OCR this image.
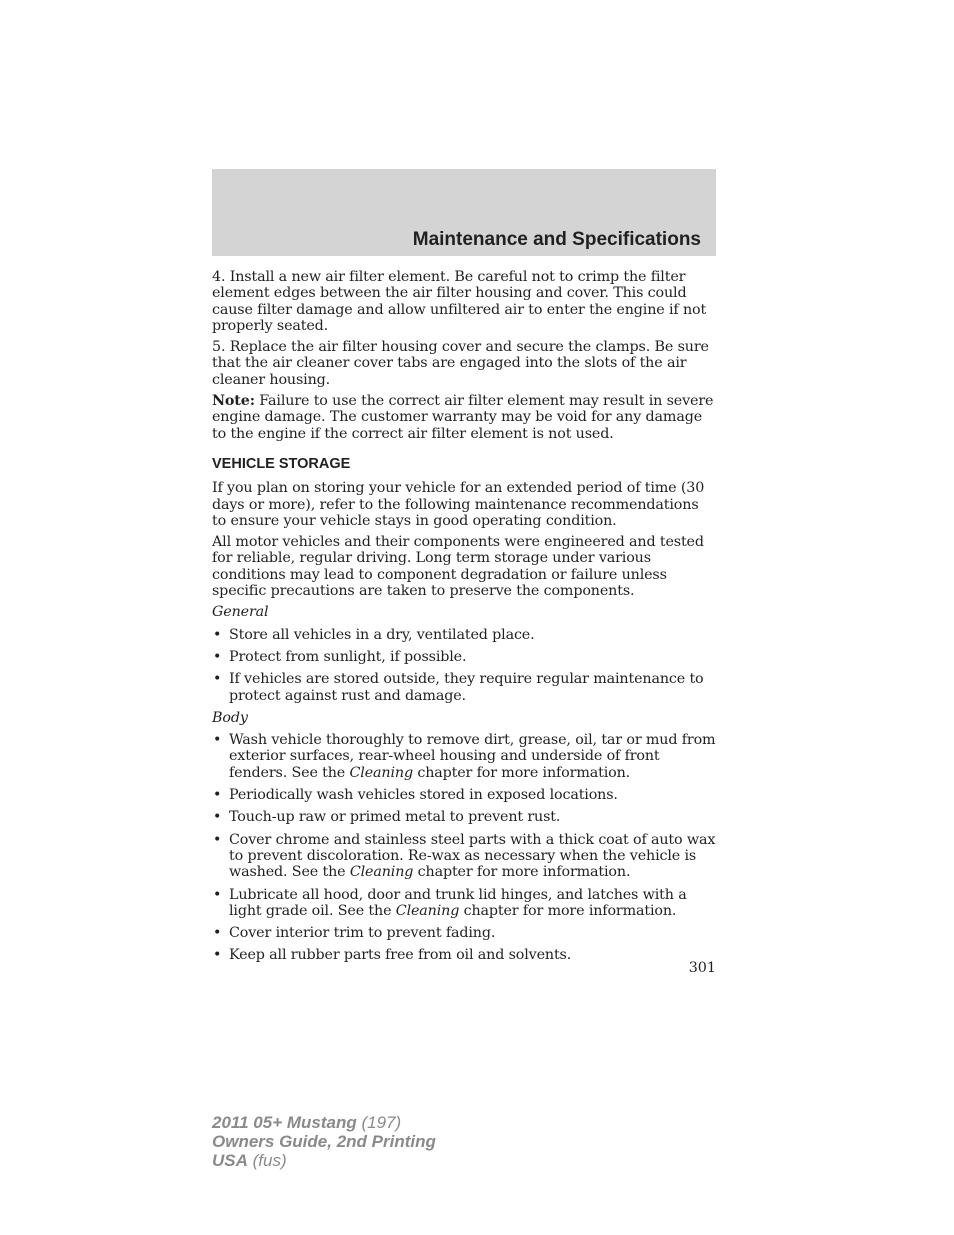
Maintenance and Specifications

4. Install a new air filter element. Be careful not to crimp the filter element edges between the air filter housing and cover. This could cause filter damage and allow unfiltered air to enter the engine if not properly seated.

5. Replace the air filter housing cover and secure the clamps. Be sure that the air cleaner cover tabs are engaged into the slots of the air cleaner housing.

Note: Failure to use the correct air filter element may result in severe engine damage. The customer warranty may be void for any damage to the engine if the correct air filter element is not used.

VEHICLE STORAGE

If you plan on storing your vehicle for an extended period of time (30 days or more), refer to the following maintenance recommendations to ensure your vehicle stays in good operating condition.

All motor vehicles and their components were engineered and tested for reliable, regular driving. Long term storage under various conditions may lead to component degradation or failure unless specific precautions are taken to preserve the components.

General
• Store all vehicles in a dry, ventilated place.
• Protect from sunlight, if possible.
• If vehicles are stored outside, they require regular maintenance to protect against rust and damage.
Body
• Wash vehicle thoroughly to remove dirt, grease, oil, tar or mud from exterior surfaces, rear-wheel housing and underside of front fenders. See the Cleaning chapter for more information.
• Periodically wash vehicles stored in exposed locations.
• Touch-up raw or primed metal to prevent rust.
• Cover chrome and stainless steel parts with a thick coat of auto wax to prevent discoloration. Re-wax as necessary when the vehicle is washed. See the Cleaning chapter for more information.
• Lubricate all hood, door and trunk lid hinges, and latches with a light grade oil. See the Cleaning chapter for more information.
• Cover interior trim to prevent fading.
• Keep all rubber parts free from oil and solvents.
301
2011 05+ Mustang (197)
Owners Guide, 2nd Printing
USA (fus)
